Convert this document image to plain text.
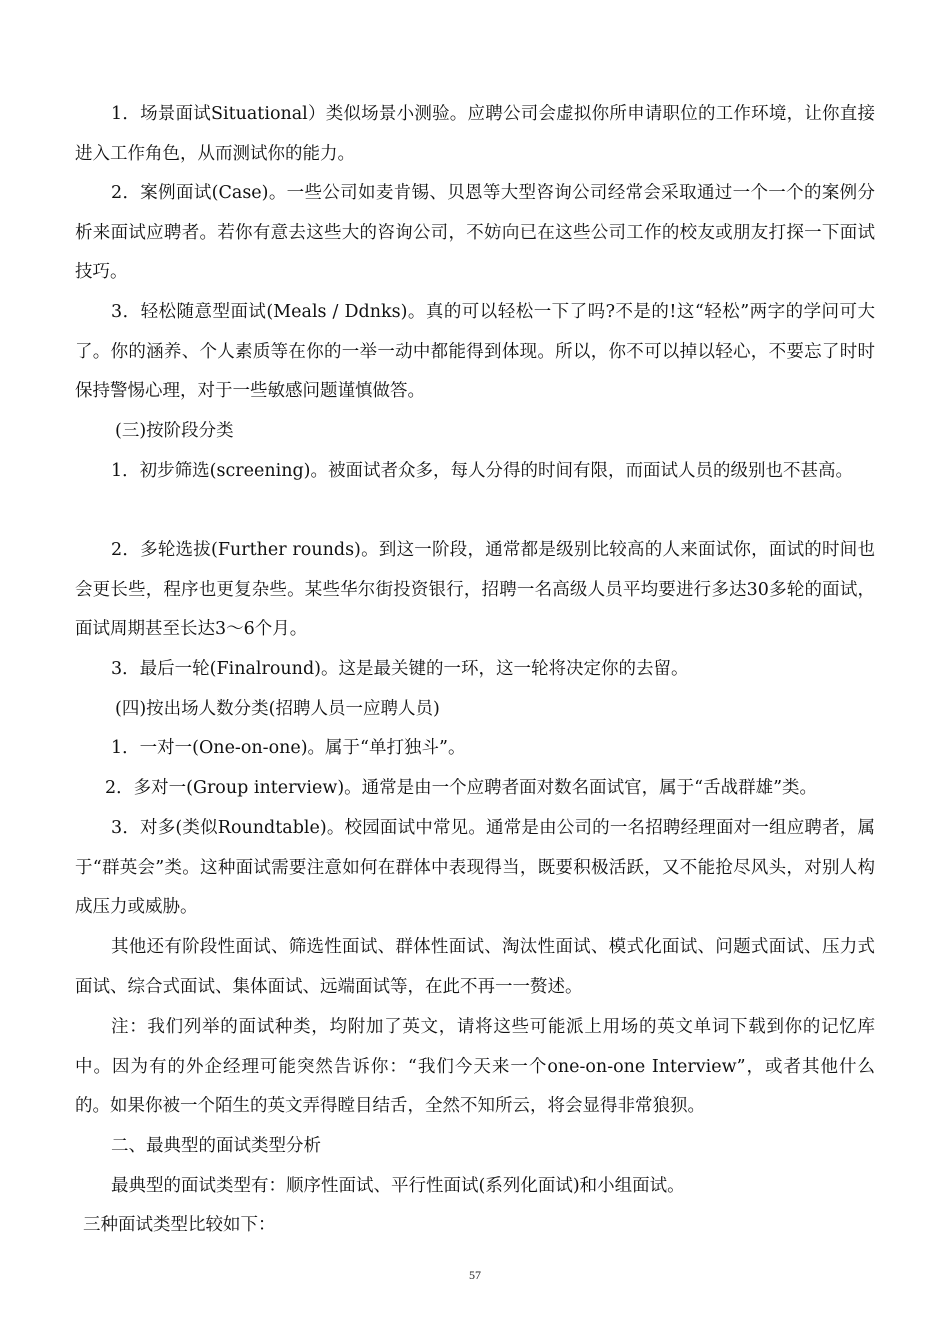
1．场景面试Situational）类似场景小测验。应聘公司会虚拟你所申请职位的工作环境，让你直接进入工作角色，从而测试你的能力。

2．案例面试(Case)。一些公司如麦肯锡、贝恩等大型咨询公司经常会采取通过一个一个的案例分析来面试应聘者。若你有意去这些大的咨询公司，不妨向已在这些公司工作的校友或朋友打探一下面试技巧。

3．轻松随意型面试(Meals / Ddnks)。真的可以轻松一下了吗?不是的!这“轻松”两字的学问可大了。你的涵养、个人素质等在你的一举一动中都能得到体现。所以，你不可以掉以轻心，不要忘了时时保持警惕心理，对于一些敏感问题谨慎做答。

(三)按阶段分类

1．初步筛选(screening)。被面试者众多，每人分得的时间有限，而面试人员的级别也不甚高。

2．多轮选拔(Further rounds)。到这一阶段，通常都是级别比较高的人来面试你，面试的时间也会更长些，程序也更复杂些。某些华尔街投资银行，招聘一名高级人员平均要进行多达30多轮的面试，面试周期甚至长达3～6个月。

3．最后一轮(Finalround)。这是最关键的一环，这一轮将决定你的去留。

(四)按出场人数分类(招聘人员一应聘人员)

1．一对一(One-on-one)。属于“单打独斗”。

2．多对一(Group interview)。通常是由一个应聘者面对数名面试官，属于“舌战群雄”类。

3．对多(类似Roundtable)。校园面试中常见。通常是由公司的一名招聘经理面对一组应聘者，属于“群英会”类。这种面试需要注意如何在群体中表现得当，既要积极活跃，又不能抢尽风头，对别人构成压力或威胁。

其他还有阶段性面试、筛选性面试、群体性面试、淘汰性面试、模式化面试、问题式面试、压力式面试、综合式面试、集体面试、远端面试等，在此不再一一赘述。

注：我们列举的面试种类，均附加了英文，请将这些可能派上用场的英文单词下载到你的记忆库中。因为有的外企经理可能突然告诉你：“我们今天来一个one-on-one Interview”，或者其他什么的。如果你被一个陌生的英文弄得瞠目结舌，全然不知所云，将会显得非常狼狈。

二、最典型的面试类型分析

最典型的面试类型有：顺序性面试、平行性面试(系列化面试)和小组面试。

三种面试类型比较如下：

57
